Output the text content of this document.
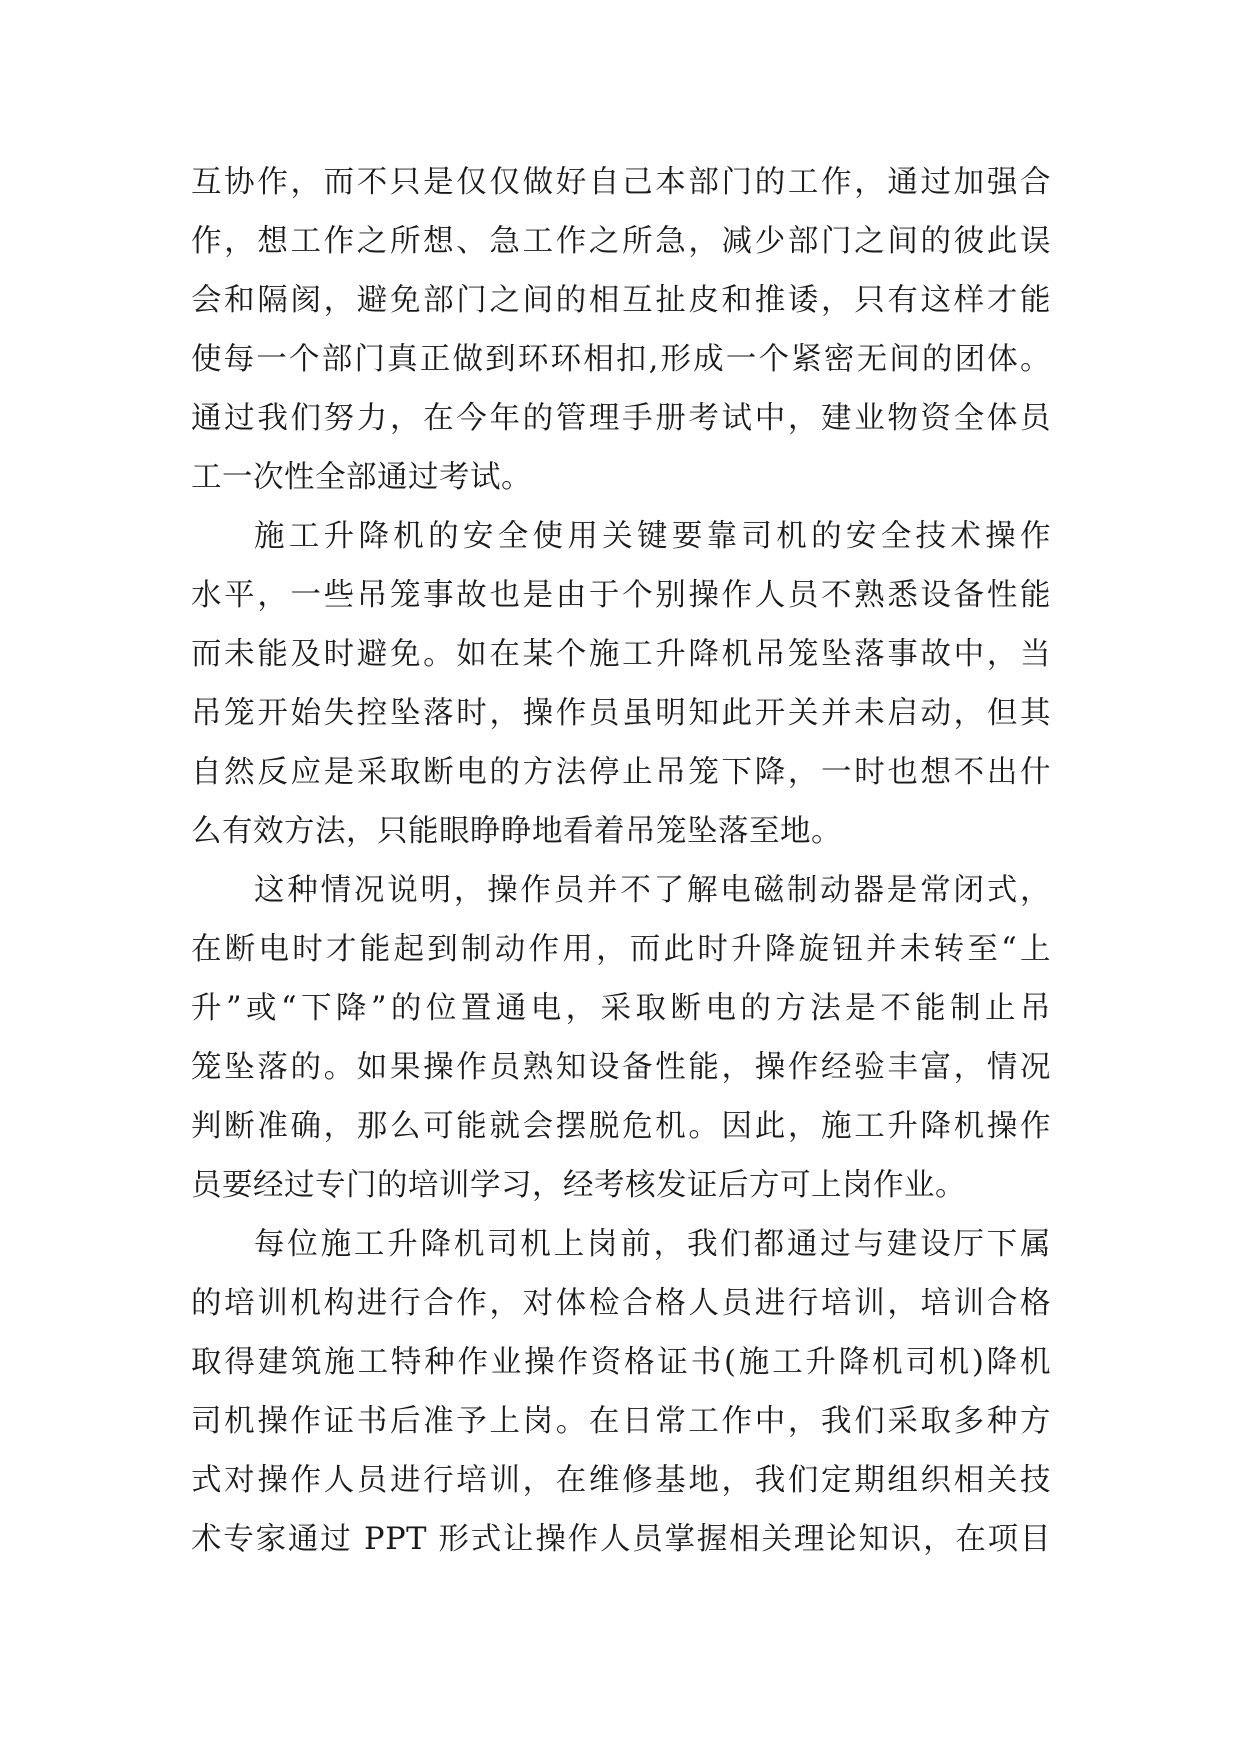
互协作，而不只是仅仅做好自己本部门的工作，通过加强合
作，想工作之所想、急工作之所急，减少部门之间的彼此误
会和隔阂，避免部门之间的相互扯皮和推诿，只有这样才能
使每一个部门真正做到环环相扣,形成一个紧密无间的团体。
通过我们努力，在今年的管理手册考试中，建业物资全体员
工一次性全部通过考试。
施工升降机的安全使用关键要靠司机的安全技术操作
水平，一些吊笼事故也是由于个别操作人员不熟悉设备性能
而未能及时避免。如在某个施工升降机吊笼坠落事故中，当
吊笼开始失控坠落时，操作员虽明知此开关并未启动，但其
自然反应是采取断电的方法停止吊笼下降，一时也想不出什
么有效方法，只能眼睁睁地看着吊笼坠落至地。
这种情况说明，操作员并不了解电磁制动器是常闭式，
在断电时才能起到制动作用，而此时升降旋钮并未转至“上
升”或“下降”的位置通电，采取断电的方法是不能制止吊
笼坠落的。如果操作员熟知设备性能，操作经验丰富，情况
判断准确，那么可能就会摆脱危机。因此，施工升降机操作
员要经过专门的培训学习，经考核发证后方可上岗作业。
每位施工升降机司机上岗前，我们都通过与建设厅下属
的培训机构进行合作，对体检合格人员进行培训，培训合格
取得建筑施工特种作业操作资格证书(施工升降机司机)降机
司机操作证书后准予上岗。在日常工作中，我们采取多种方
式对操作人员进行培训，在维修基地，我们定期组织相关技
术专家通过 PPT 形式让操作人员掌握相关理论知识，在项目
